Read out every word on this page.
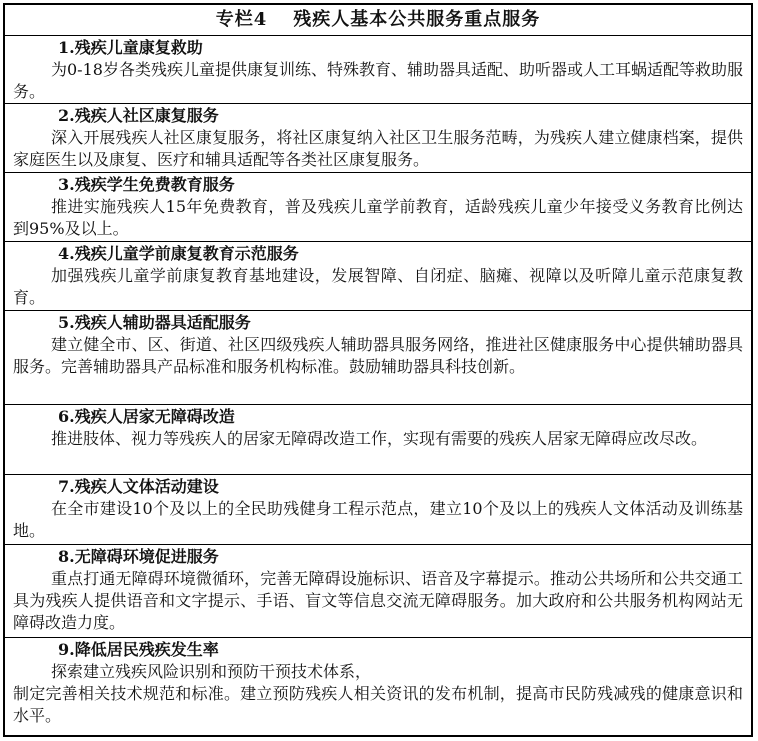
专栏4 残疾人基本公共服务重点服务
1.残疾儿童康复救助
为0-18岁各类残疾儿童提供康复训练、特殊教育、辅助器具适配、助听器或人工耳蜗适配等救助服务。
2.残疾人社区康复服务
深入开展残疾人社区康复服务，将社区康复纳入社区卫生服务范畴，为残疾人建立健康档案，提供家庭医生以及康复、医疗和辅具适配等各类社区康复服务。
3.残疾学生免费教育服务
推进实施残疾人15年免费教育，普及残疾儿童学前教育，适龄残疾儿童少年接受义务教育比例达到95%及以上。
4.残疾儿童学前康复教育示范服务
加强残疾儿童学前康复教育基地建设，发展智障、自闭症、脑瘫、视障以及听障儿童示范康复教育。
5.残疾人辅助器具适配服务
建立健全市、区、街道、社区四级残疾人辅助器具服务网络，推进社区健康服务中心提供辅助器具服务。完善辅助器具产品标准和服务机构标准。鼓励辅助器具科技创新。
6.残疾人居家无障碍改造
推进肢体、视力等残疾人的居家无障碍改造工作，实现有需要的残疾人居家无障碍应改尽改。
7.残疾人文体活动建设
在全市建设10个及以上的全民助残健身工程示范点，建立10个及以上的残疾人文体活动及训练基地。
8.无障碍环境促进服务
重点打通无障碍环境微循环，完善无障碍设施标识、语音及字幕提示。推动公共场所和公共交通工具为残疾人提供语音和文字提示、手语、盲文等信息交流无障碍服务。加大政府和公共服务机构网站无障碍改造力度。
9.降低居民残疾发生率
探索建立残疾风险识别和预防干预技术体系，
制定完善相关技术规范和标准。建立预防残疾人相关资讯的发布机制，提高市民防残减残的健康意识和水平。
